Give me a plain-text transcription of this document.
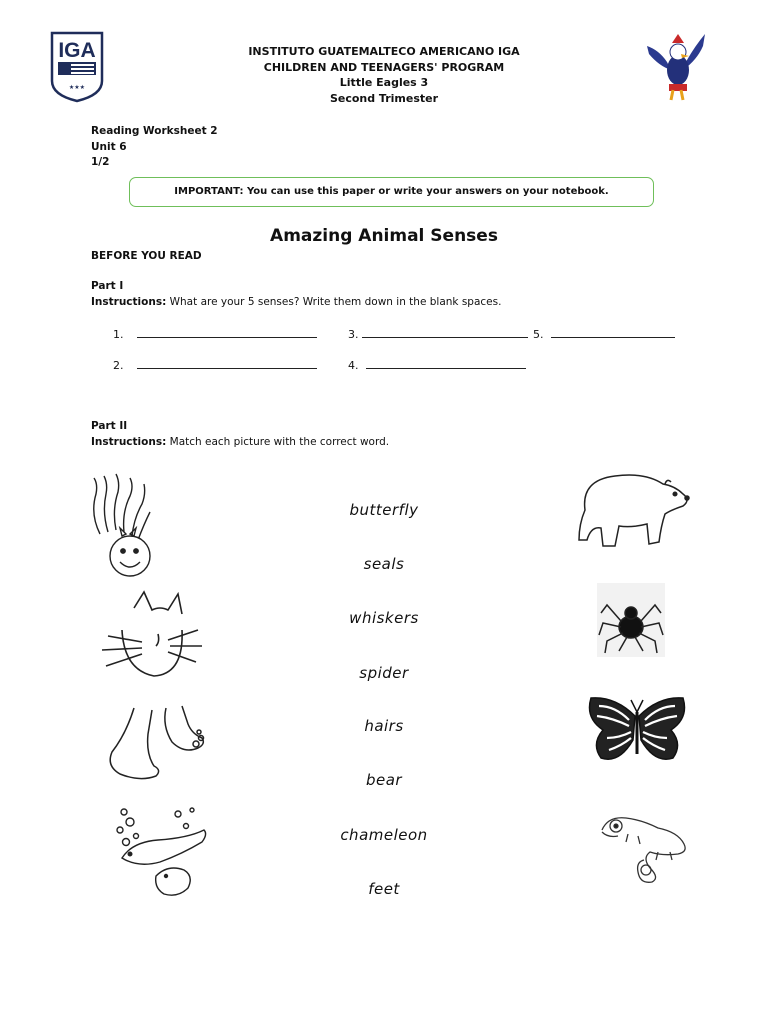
IGA
★★★
INSTITUTO GUATEMALTECO AMERICANO IGA
CHILDREN AND TEENAGERS' PROGRAM
Little Eagles 3
Second Trimester
Reading Worksheet 2
Unit 6
1/2
IMPORTANT: You can use this paper or write your answers on your notebook.
Amazing Animal Senses
BEFORE YOU READ
Part I
Instructions: What are your 5 senses? Write them down in the blank spaces.
1.	3.	5.
2.	4.
Part II
Instructions: Match each picture with the correct word.
butterfly
seals
whiskers
spider
hairs
bear
chameleon
feet
